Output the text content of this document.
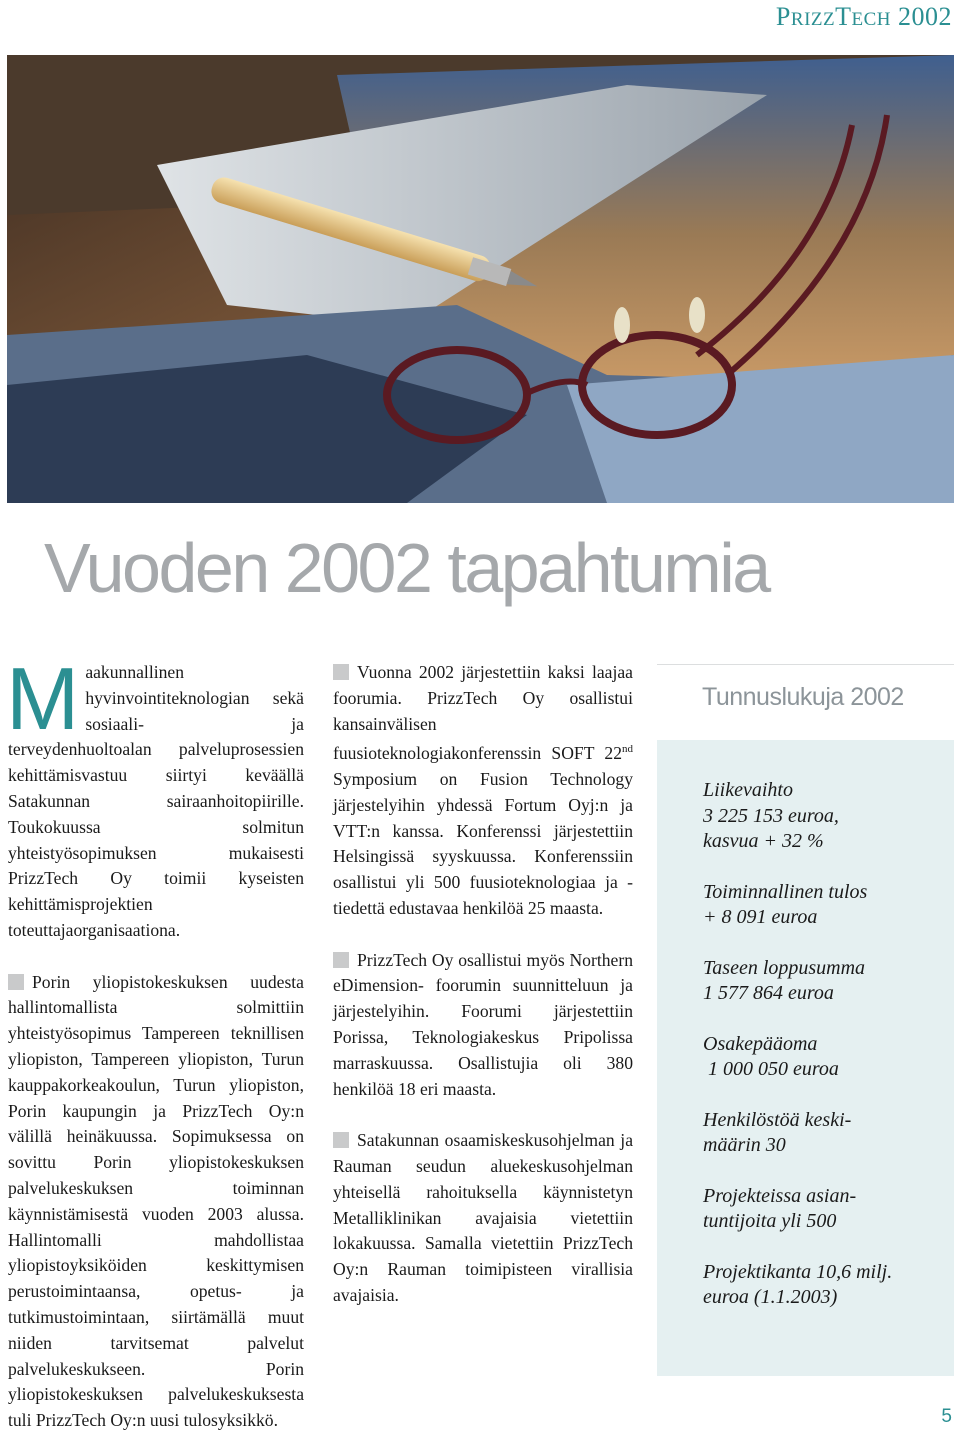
PRIZZTECH 2002
Vuoden 2002 tapahtumia

Maakunnallinen hyvinvointiteknologian sekä sosiaali- ja terveydenhuoltoalan palveluprosessien kehittämisvastuu siirtyi keväällä Satakunnan sairaanhoitopiirille. Toukokuussa solmitun yhteistyösopimuksen mukaisesti PrizzTech Oy toimii kyseisten kehittämisprojektien toteuttajaorganisaationa.

Porin yliopistokeskuksen uudesta hallintomallista solmittiin yhteistyösopimus Tampereen teknillisen yliopiston, Tampereen yliopiston, Turun kauppakorkeakoulun, Turun yliopiston, Porin kaupungin ja PrizzTech Oy:n välillä heinäkuussa. Sopimuksessa on sovittu Porin yliopistokeskuksen palvelukeskuksen toiminnan käynnistämisestä vuoden 2003 alussa. Hallintomalli mahdollistaa yliopistoyksiköiden keskittymisen perustoimintaansa, opetus- ja tutkimustoimintaan, siirtämällä muut niiden tarvitsemat palvelut palvelukeskukseen. Porin yliopistokeskuksen palvelukeskuksesta tuli PrizzTech Oy:n uusi tulosyksikkö.

Vuonna 2002 järjestettiin kaksi laajaa foorumia. PrizzTech Oy osallistui kansainvälisen fuusioteknologiakonferenssin SOFT 22nd Symposium on Fusion Technology järjestelyihin yhdessä Fortum Oyj:n ja VTT:n kanssa. Konferenssi järjestettiin Helsingissä syyskuussa. Konferenssiin osallistui yli 500 fuusioteknologiaa ja -tiedettä edustavaa henkilöä 25 maasta.

PrizzTech Oy osallistui myös Northern eDimension- foorumin suunnitteluun ja järjestelyihin. Foorumi järjestettiin Porissa, Teknologiakeskus Pripolissa marraskuussa. Osallistujia oli 380 henkilöä 18 eri maasta.

Satakunnan osaamiskeskusohjelman ja Rauman seudun aluekeskusohjelman yhteisellä rahoituksella käynnistetyn Metalliklinikan avajaisia vietettiin lokakuussa. Samalla vietettiin PrizzTech Oy:n Rauman toimipisteen virallisia avajaisia.

Tunnuslukuja 2002

Liikevaihto
3 225 153 euroa,
kasvua + 32 %

Toiminnallinen tulos
+ 8 091 euroa

Taseen loppusumma
1 577 864 euroa

Osakepääoma
1 000 050 euroa

Henkilöstöä keski-
määrin 30

Projekteissa asian-
tuntijoita yli 500

Projektikanta 10,6 milj.
euroa (1.1.2003)

5
